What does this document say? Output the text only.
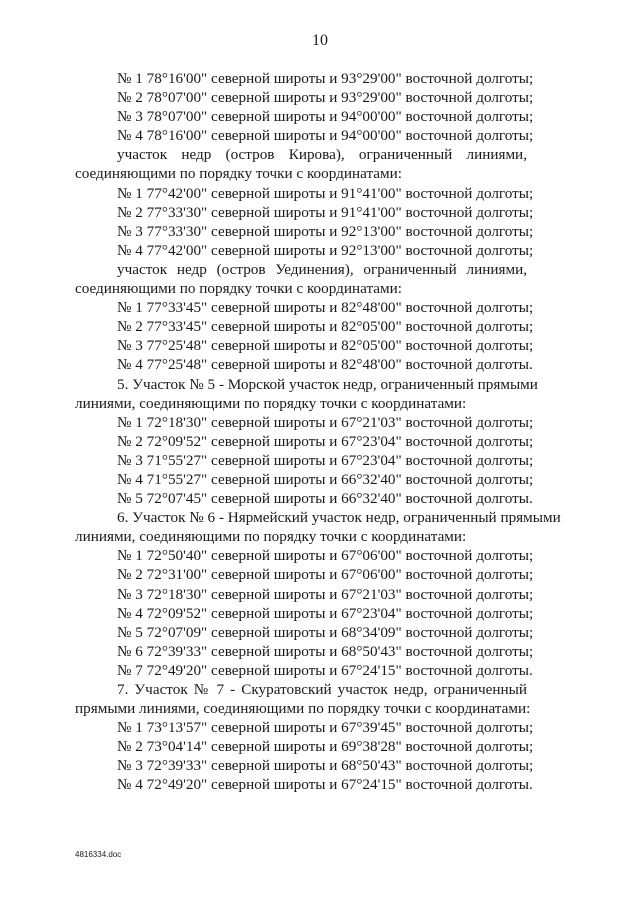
10
№ 1 78°16'00" северной широты и 93°29'00" восточной долготы;
№ 2 78°07'00" северной широты и 93°29'00" восточной долготы;
№ 3 78°07'00" северной широты и 94°00'00" восточной долготы;
№ 4 78°16'00" северной широты и 94°00'00" восточной долготы;
участок недр (остров Кирова), ограниченный линиями,
соединяющими по порядку точки с координатами:
№ 1 77°42'00" северной широты и 91°41'00" восточной долготы;
№ 2 77°33'30" северной широты и 91°41'00" восточной долготы;
№ 3 77°33'30" северной широты и 92°13'00" восточной долготы;
№ 4 77°42'00" северной широты и 92°13'00" восточной долготы;
участок недр (остров Уединения), ограниченный линиями,
соединяющими по порядку точки с координатами:
№ 1 77°33'45" северной широты и 82°48'00" восточной долготы;
№ 2 77°33'45" северной широты и 82°05'00" восточной долготы;
№ 3 77°25'48" северной широты и 82°05'00" восточной долготы;
№ 4 77°25'48" северной широты и 82°48'00" восточной долготы.
5. Участок № 5 - Морской участок недр, ограниченный прямыми
линиями, соединяющими по порядку точки с координатами:
№ 1 72°18'30" северной широты и 67°21'03" восточной долготы;
№ 2 72°09'52" северной широты и 67°23'04" восточной долготы;
№ 3 71°55'27" северной широты и 67°23'04" восточной долготы;
№ 4 71°55'27" северной широты и 66°32'40" восточной долготы;
№ 5 72°07'45" северной широты и 66°32'40" восточной долготы.
6. Участок № 6 - Нярмейский участок недр, ограниченный прямыми
линиями, соединяющими по порядку точки с координатами:
№ 1 72°50'40" северной широты и 67°06'00" восточной долготы;
№ 2 72°31'00" северной широты и 67°06'00" восточной долготы;
№ 3 72°18'30" северной широты и 67°21'03" восточной долготы;
№ 4 72°09'52" северной широты и 67°23'04" восточной долготы;
№ 5 72°07'09" северной широты и 68°34'09" восточной долготы;
№ 6 72°39'33" северной широты и 68°50'43" восточной долготы;
№ 7 72°49'20" северной широты и 67°24'15" восточной долготы.
7. Участок № 7 - Скуратовский участок недр, ограниченный
прямыми линиями, соединяющими по порядку точки с координатами:
№ 1 73°13'57" северной широты и 67°39'45" восточной долготы;
№ 2 73°04'14" северной широты и 69°38'28" восточной долготы;
№ 3 72°39'33" северной широты и 68°50'43" восточной долготы;
№ 4 72°49'20" северной широты и 67°24'15" восточной долготы.
4816334.doc
